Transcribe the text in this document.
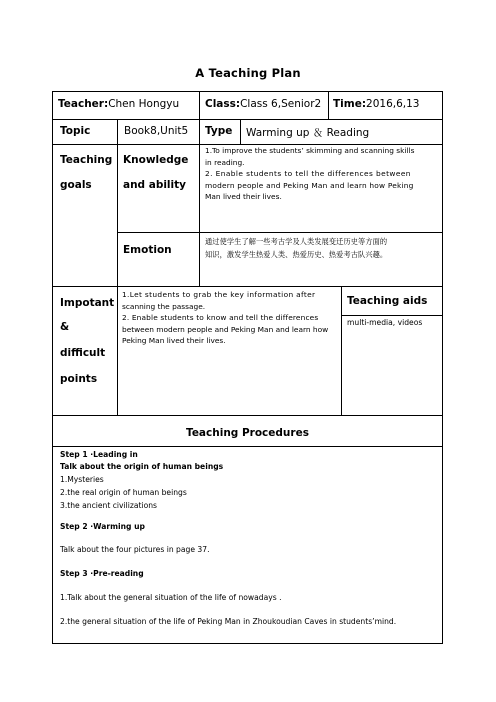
A Teaching Plan
Teacher:Chen Hongyu Class:Class 6,Senior2 Time:2016,6,13
Topic	Book8,Unit5 Type Warming up ＆ Reading
Teaching
goals
Knowledge
and ability
1.To improve the students’ skimming and scanning skills
in reading.
2. Enable students to tell the differences between
modern people and Peking Man and learn how Peking
Man lived their lives.
Emotion
通过使学生了解一些考古学及人类发展变迁历史等方面的
知识，激发学生热爱人类、热爱历史、热爱考古队兴趣。
Impotant
&
difficult
points
1.Let students to grab the key information after
scanning the passage.
2. Enable students to know and tell the differences
between modern people and Peking Man and learn how
Peking Man lived their lives.
Teaching aids
multi-media, videos
Teaching Procedures
Step 1 ·Leading in
Talk about the origin of human beings
1.Mysteries
2.the real origin of human beings
3.the ancient civilizations
Step 2 ·Warming up
Talk about the four pictures in page 37.
Step 3 ·Pre-reading
1.Talk about the general situation of the life of nowadays .
2.the general situation of the life of Peking Man in Zhoukoudian Caves in students’mind.
